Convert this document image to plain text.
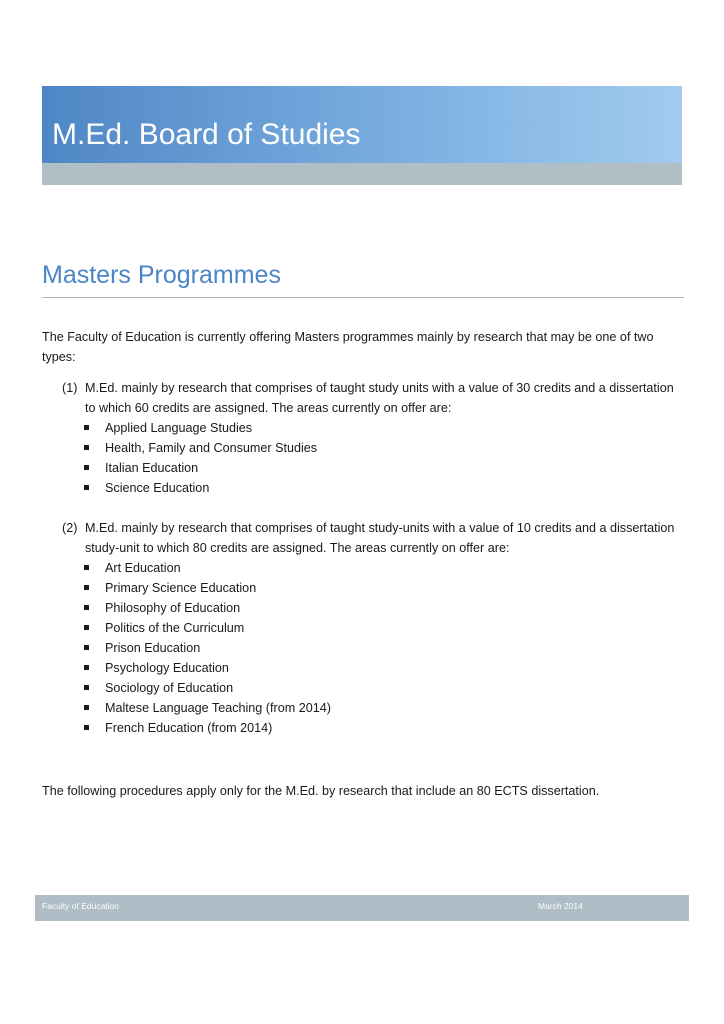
M.Ed. Board of Studies
Masters Programmes
The Faculty of Education is currently offering Masters programmes mainly by research that may be one of two types:
(1) M.Ed. mainly by research that comprises of taught study units with a value of 30 credits and a dissertation to which 60 credits are assigned. The areas currently on offer are:
Applied Language Studies
Health, Family and Consumer Studies
Italian Education
Science Education
(2) M.Ed. mainly by research that comprises of taught study-units with a value of 10 credits and a dissertation study-unit to which 80 credits are assigned. The areas currently on offer are:
Art Education
Primary Science Education
Philosophy of Education
Politics of the Curriculum
Prison Education
Psychology Education
Sociology of Education
Maltese Language Teaching (from 2014)
French Education (from 2014)
The following procedures apply only for the M.Ed. by research that include an 80 ECTS dissertation.
Faculty of Education	March 2014
